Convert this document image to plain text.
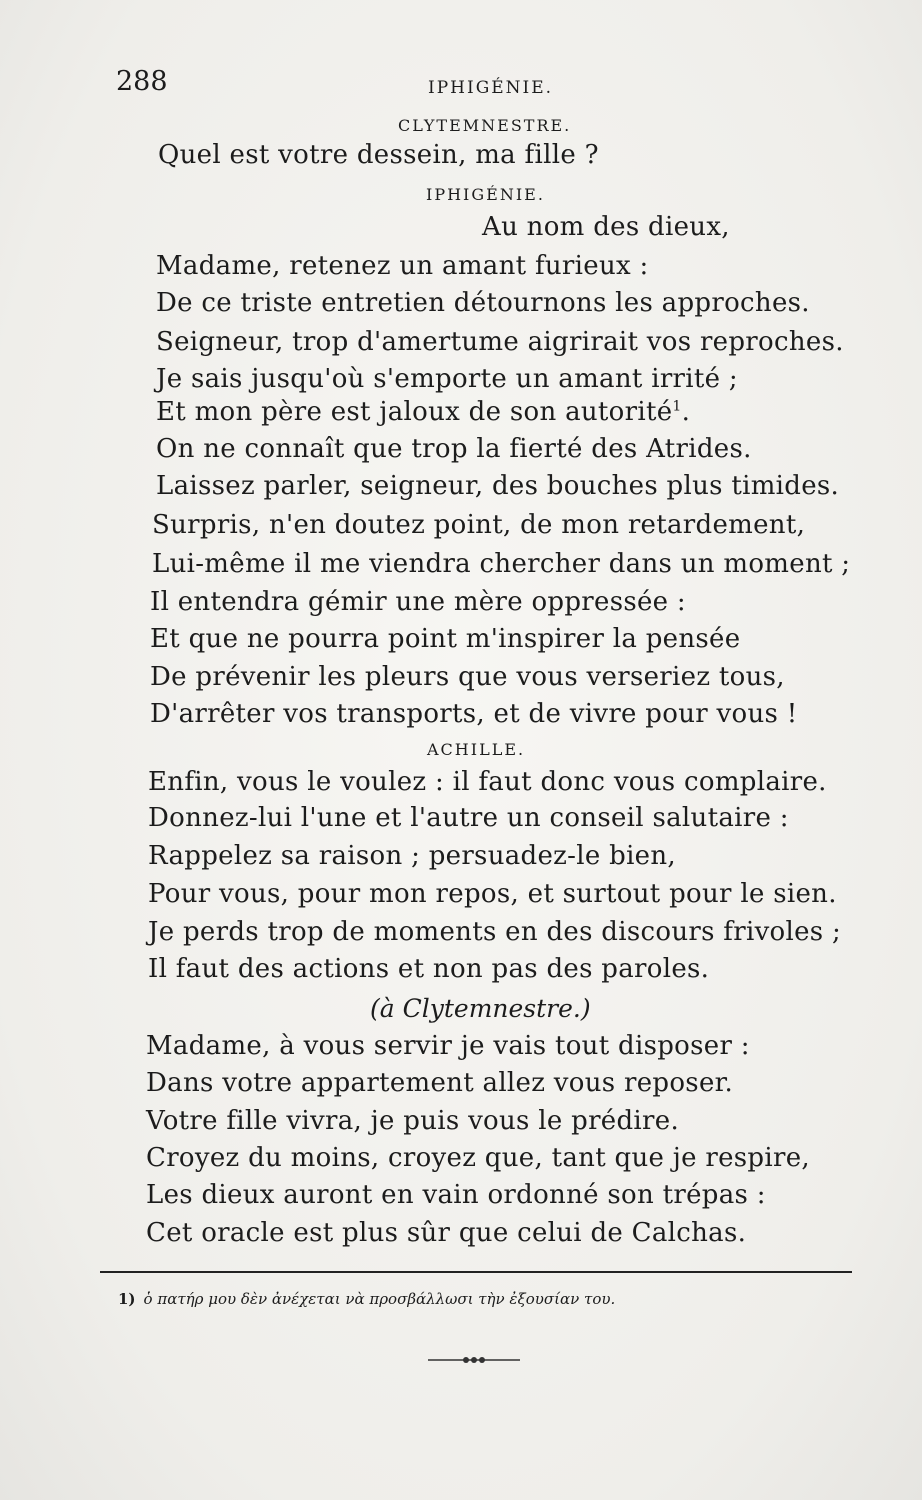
288	IPHIGÉNIE.
CLYTEMNESTRE.
Quel est votre dessein, ma fille ?
IPHIGÉNIE.
Au nom des dieux,
Madame, retenez un amant furieux :
De ce triste entretien détournons les approches.
Seigneur, trop d'amertume aigrirait vos reproches.
Je sais jusqu'où s'emporte un amant irrité ;
Et mon père est jaloux de son autorité$^1$.
On ne connaît que trop la fierté des Atrides.
Laissez parler, seigneur, des bouches plus timides.
Surpris, n'en doutez point, de mon retardement,
Lui-même il me viendra chercher dans un moment ;
Il entendra gémir une mère oppressée :
Et que ne pourra point m'inspirer la pensée
De prévenir les pleurs que vous verseriez tous,
D'arrêter vos transports, et de vivre pour vous !
ACHILLE.
Enfin, vous le voulez : il faut donc vous complaire.
Donnez-lui l'une et l'autre un conseil salutaire :
Rappelez sa raison ; persuadez-le bien,
Pour vous, pour mon repos, et surtout pour le sien.
Je perds trop de moments en des discours frivoles ;
Il faut des actions et non pas des paroles.
(à Clytemnestre.)
Madame, à vous servir je vais tout disposer :
Dans votre appartement allez vous reposer.
Votre fille vivra, je puis vous le prédire.
Croyez du moins, croyez que, tant que je respire,
Les dieux auront en vain ordonné son trépas :
Cet oracle est plus sûr que celui de Calchas.
1) ὁ πατήρ μου δὲν ἀνέχεται νὰ προσβάλλωσι τὴν ἐξουσίαν του.
